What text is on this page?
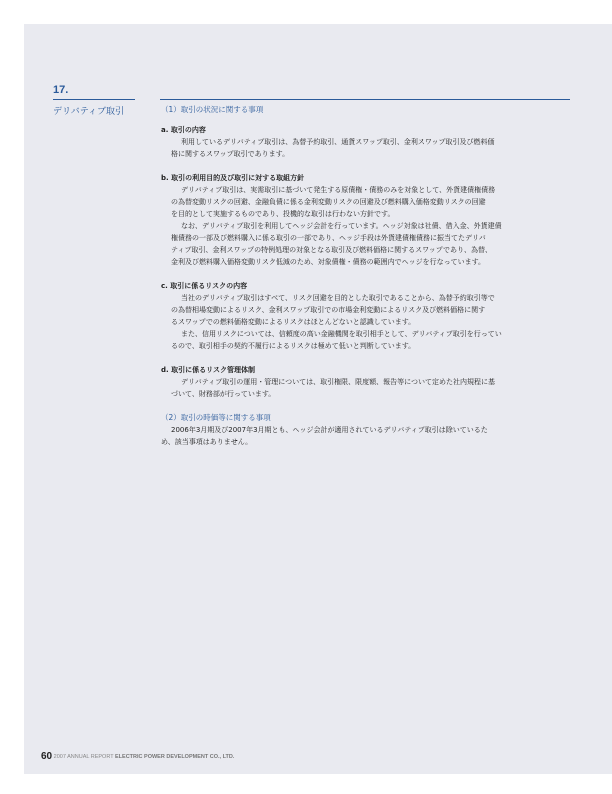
17.
デリバティブ取引	（1）取引の状況に関する事項

a. 取引の内容

利用しているデリバティブ取引は、為替予約取引、通貨スワップ取引、金利スワップ取引及び燃料価
格に関するスワップ取引であります。

b. 取引の利用目的及び取引に対する取組方針

デリバティブ取引は、実需取引に基づいて発生する原債権・債務のみを対象として、外貨建債権債務
の為替変動リスクの回避、金融負債に係る金利変動リスクの回避及び燃料購入価格変動リスクの回避
を目的として実施するものであり、投機的な取引は行わない方針です。

なお、デリバティブ取引を利用してヘッジ会計を行っています。ヘッジ対象は社債、借入金、外貨建債
権債務の一部及び燃料購入に係る取引の一部であり、ヘッジ手段は外貨建債権債務に振当てたデリバ
ティブ取引、金利スワップの特例処理の対象となる取引及び燃料価格に関するスワップであり、為替、
金利及び燃料購入価格変動リスク低減のため、対象債権・債務の範囲内でヘッジを行なっています。

c. 取引に係るリスクの内容

当社のデリバティブ取引はすべて、リスク回避を目的とした取引であることから、為替予約取引等で
の為替相場変動によるリスク、金利スワップ取引での市場金利変動によるリスク及び燃料価格に関す
るスワップでの燃料価格変動によるリスクはほとんどないと認識しています。

また、信用リスクについては、信頼度の高い金融機関を取引相手として、デリバティブ取引を行ってい
るので、取引相手の契約不履行によるリスクは極めて低いと判断しています。

d. 取引に係るリスク管理体制

デリバティブ取引の運用・管理については、取引権限、限度額、報告等について定めた社内規程に基
づいて、財務部が行っています。

（2）取引の時価等に関する事項

2006年3月期及び2007年3月期とも、ヘッジ会計が適用されているデリバティブ取引は除いているた
め、該当事項はありません。

60 2007 ANNUAL REPORT ELECTRIC POWER DEVELOPMENT CO., LTD.
